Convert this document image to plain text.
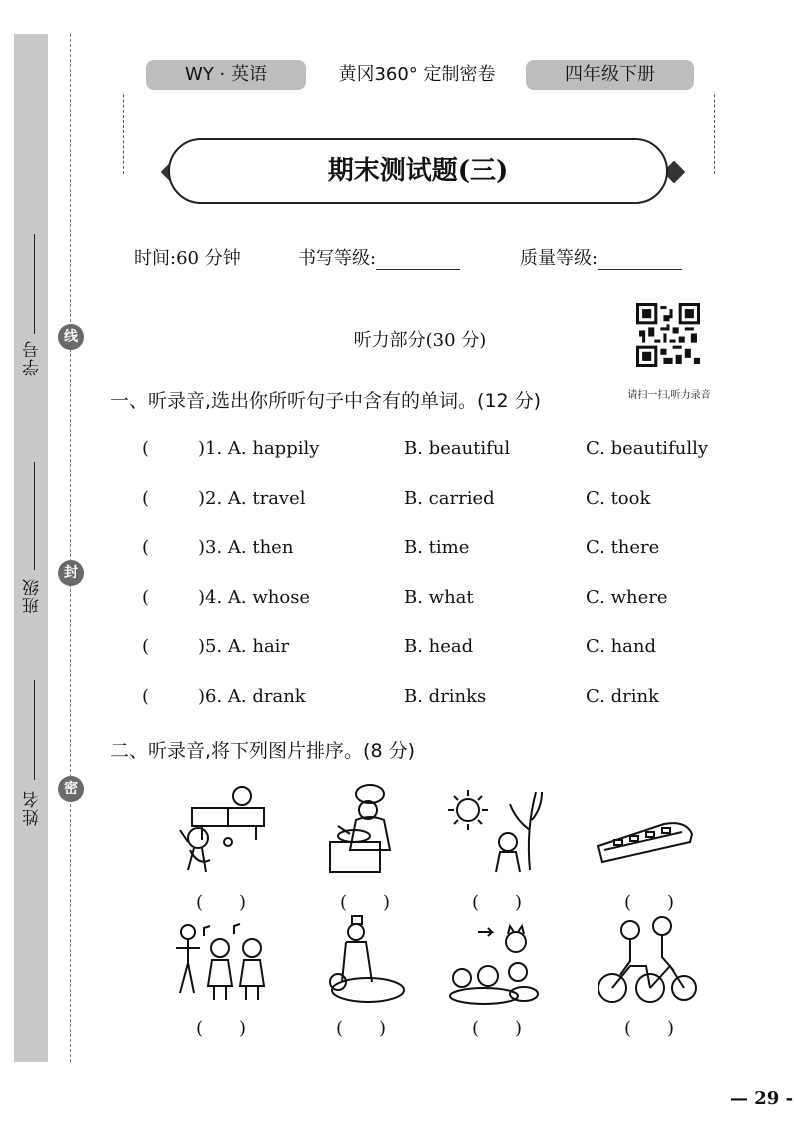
线
封
密
学号
班级
姓名
WY · 英语	黄冈360° 定制密卷	四年级下册
期末测试题(三)
时间:60 分钟	书写等级:	质量等级:
听力部分(30 分)
请扫一扫,听力录音
一、听录音,选出你所听句子中含有的单词。(12 分)
(	)1. A. happily	B. beautiful	C. beautifully
(	)2. A. travel	B. carried	C. took
(	)3. A. then	B. time	C. there
(	)4. A. whose	B. what	C. where
(	)5. A. hair	B. head	C. hand
(	)6. A. drank	B. drinks	C. drink
二、听录音,将下列图片排序。(8 分)
(　　)	(　　)	(　　)	(　　)
(　　)	(　　)	(　　)	(　　)
— 29 -
